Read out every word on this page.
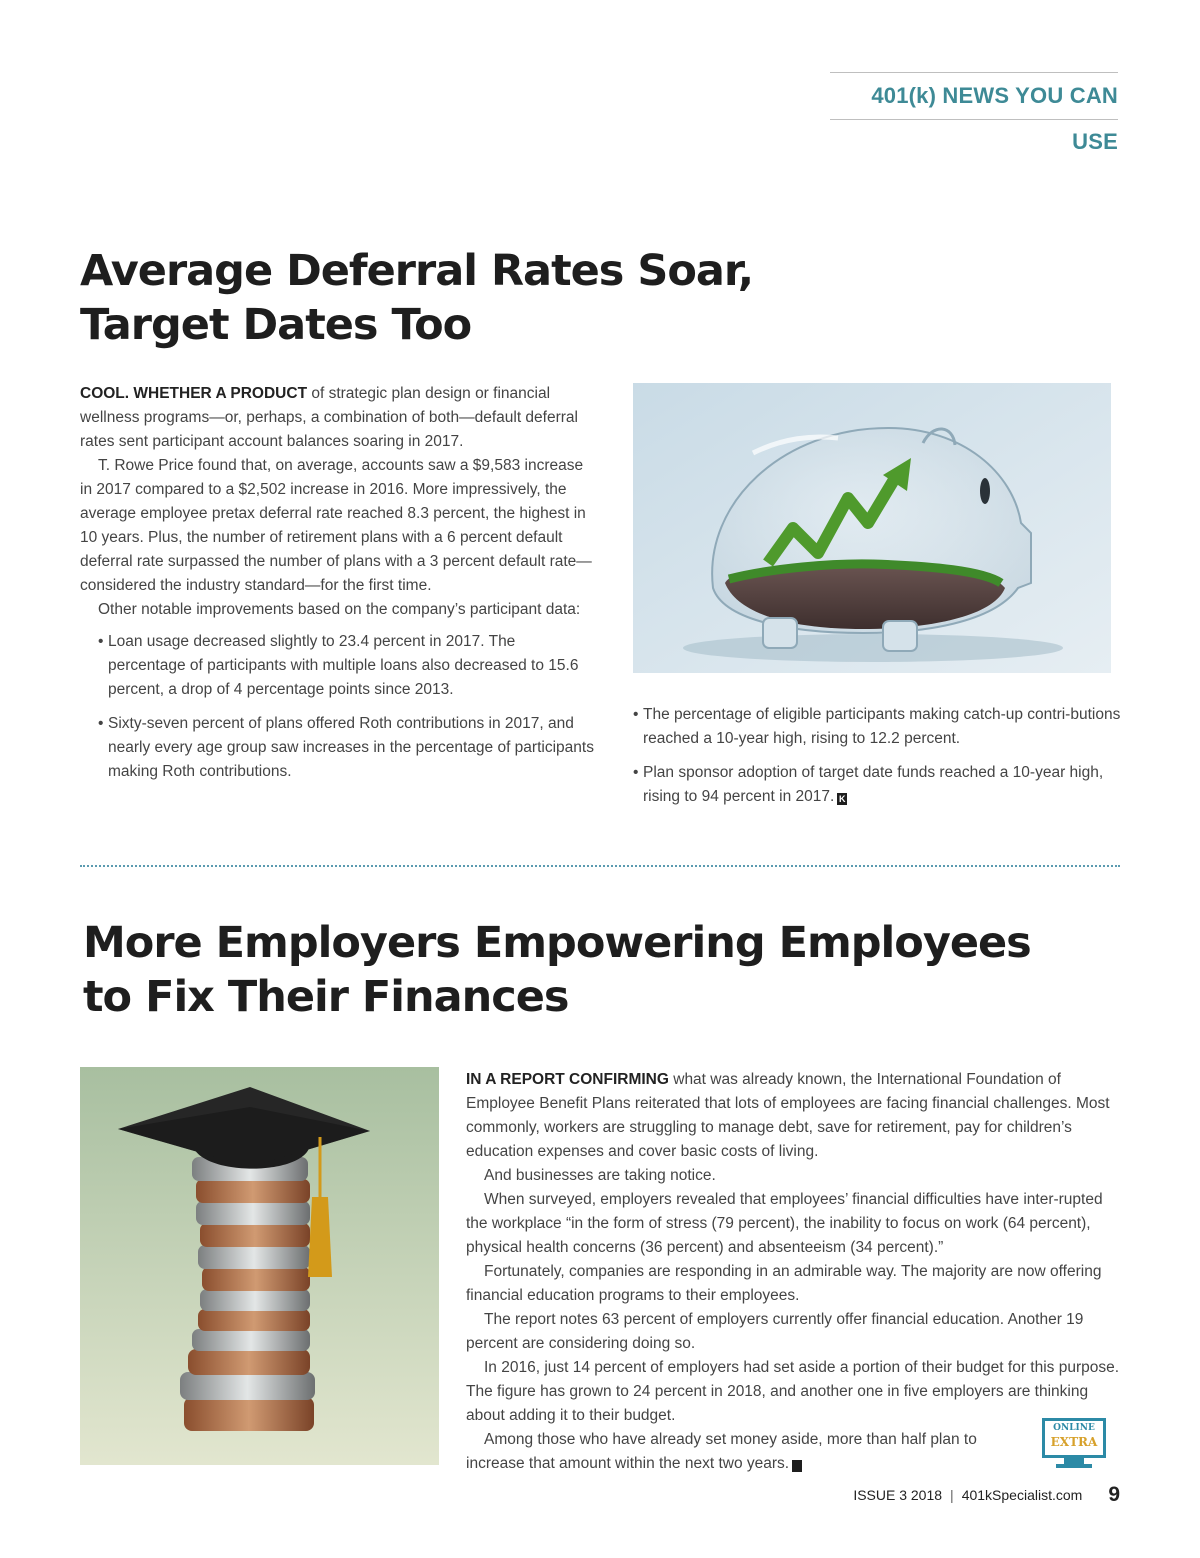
401(k) NEWS YOU CAN USE
Average Deferral Rates Soar,
Target Dates Too

COOL. WHETHER A PRODUCT of strategic plan design or financial wellness programs—or, perhaps, a combination of both—default deferral rates sent participant account balances soaring in 2017.

T. Rowe Price found that, on average, accounts saw a $9,583 increase in 2017 compared to a $2,502 increase in 2016. More impressively, the average employee pretax deferral rate reached 8.3 percent, the highest in 10 years. Plus, the number of retirement plans with a 6 percent default deferral rate surpassed the number of plans with a 3 percent default rate—considered the industry standard—for the first time.

Other notable improvements based on the company’s participant data:

• Loan usage decreased slightly to 23.4 percent in 2017. The percentage of participants with multiple loans also decreased to 15.6 percent, a drop of 4 percentage points since 2013.
• Sixty-seven percent of plans offered Roth contributions in 2017, and nearly every age group saw increases in the percentage of participants making Roth contributions.
• The percentage of eligible participants making catch-up contri-butions reached a 10-year high, rising to 12.2 percent.
• Plan sponsor adoption of target date funds reached a 10-year high, rising to 94 percent in 2017. K
More Employers Empowering Employees
to Fix Their Finances

IN A REPORT CONFIRMING what was already known, the International Foundation of Employee Benefit Plans reiterated that lots of employees are facing financial challenges. Most commonly, workers are struggling to manage debt, save for retirement, pay for children’s education expenses and cover basic costs of living.

And businesses are taking notice.

When surveyed, employers revealed that employees’ financial difficulties have inter-rupted the workplace “in the form of stress (79 percent), the inability to focus on work (64 percent), physical health concerns (36 percent) and absenteeism (34 percent).”

Fortunately, companies are responding in an admirable way. The majority are now offering financial education programs to their employees.

The report notes 63 percent of employers currently offer financial education. Another 19 percent are considering doing so.

In 2016, just 14 percent of employers had set aside a portion of their budget for this purpose. The figure has grown to 24 percent in 2018, and another one in five employers are thinking about adding it to their budget.

Among those who have already set money aside, more than half plan to increase that amount within the next two years. K

ONLINE
EXTRA
ISSUE 3 2018 | 401kSpecialist.com 9
